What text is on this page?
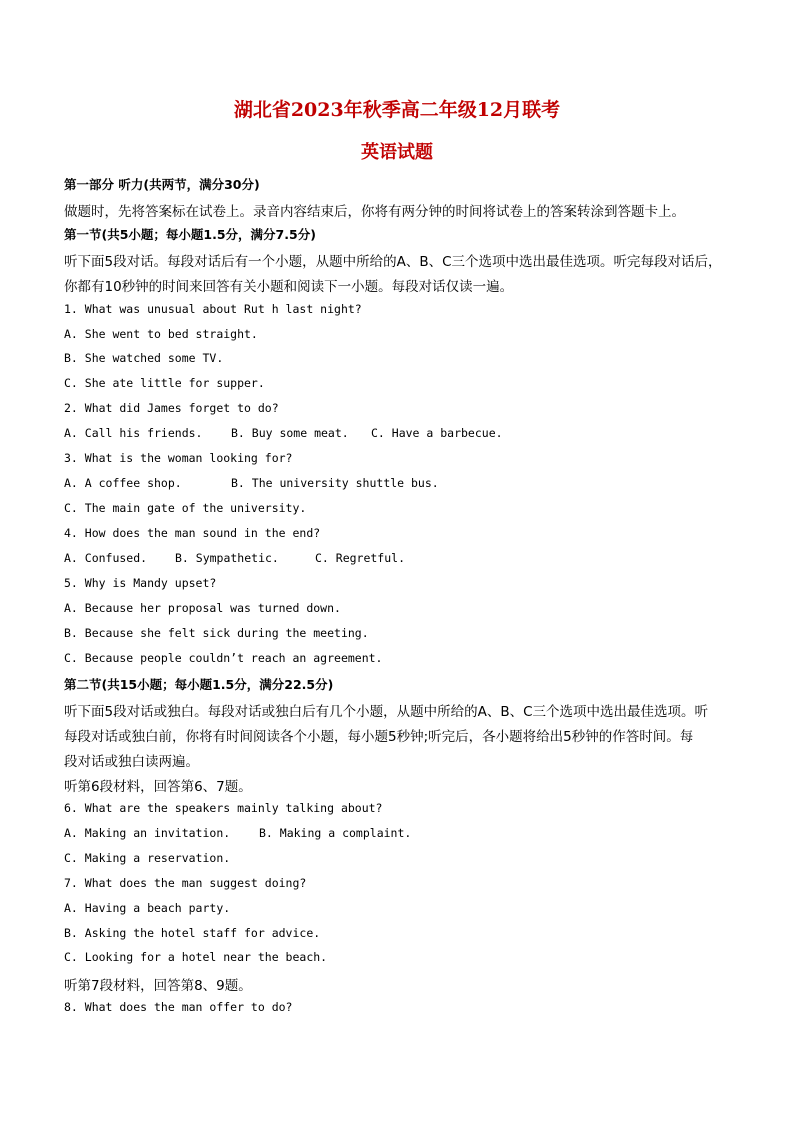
湖北省2023年秋季高二年级12月联考
英语试题
第一部分 听力(共两节，满分30分)
做题时，先将答案标在试卷上。录音内容结束后，你将有两分钟的时间将试卷上的答案转涂到答题卡上。
第一节(共5小题；每小题1.5分，满分7.5分)
听下面5段对话。每段对话后有一个小题，从题中所给的A、B、C三个选项中选出最佳选项。听完每段对话后，
你都有10秒钟的时间来回答有关小题和阅读下一小题。每段对话仅读一遍。
1. What was unusual about Rut h last night?
A. She went to bed straight.
B. She watched some TV.
C. She ate little for supper.
2. What did James forget to do?
A. Call his friends. B. Buy some meat. C. Have a barbecue.
3. What is the woman looking for?
A. A coffee shop.	B. The university shuttle bus.
C. The main gate of the university.
4. How does the man sound in the end?
A. Confused. B. Sympathetic.	C. Regretful.
5. Why is Mandy upset?
A. Because her proposal was turned down.
B. Because she felt sick during the meeting.
C. Because people couldn’t reach an agreement.
第二节(共15小题；每小题1.5分，满分22.5分)
听下面5段对话或独白。每段对话或独白后有几个小题，从题中所给的A、B、C三个选项中选出最佳选项。听
每段对话或独白前，你将有时间阅读各个小题，每小题5秒钟;听完后，各小题将给出5秒钟的作答时间。每
段对话或独白读两遍。
听第6段材料，回答第6、7题。
6. What are the speakers mainly talking about?
A. Making an invitation.	B. Making a complaint.
C. Making a reservation.
7. What does the man suggest doing?
A. Having a beach party.
B. Asking the hotel staff for advice.
C. Looking for a hotel near the beach.
听第7段材料，回答第8、9题。
8. What does the man offer to do?
